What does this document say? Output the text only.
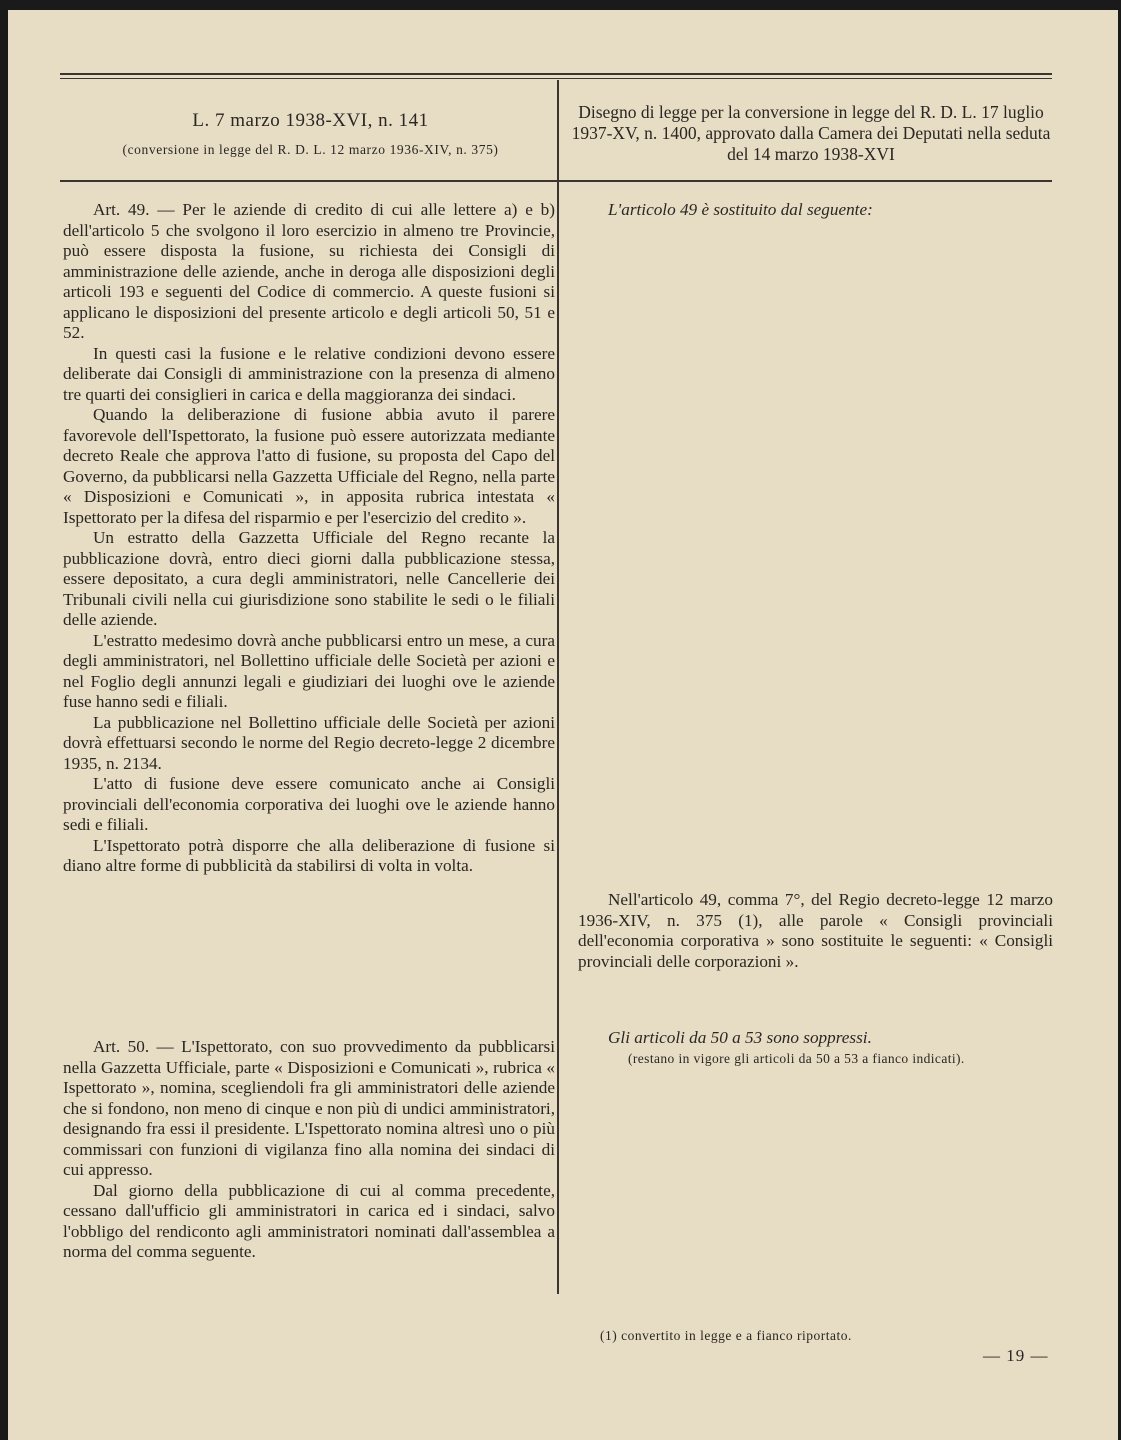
L. 7 marzo 1938-XVI, n. 141
(conversione in legge del R. D. L. 12 marzo 1936-XIV, n. 375)
Disegno di legge per la conversione in legge del R. D. L. 17 luglio 1937-XV, n. 1400, approvato dalla Camera dei Deputati nella seduta del 14 marzo 1938-XVI

Art. 49. — Per le aziende di credito di cui alle lettere a) e b) dell'articolo 5 che svolgono il loro esercizio in almeno tre Provincie, può essere disposta la fusione, su richiesta dei Consigli di amministrazione delle aziende, anche in deroga alle disposizioni degli articoli 193 e seguenti del Codice di commercio. A queste fusioni si applicano le disposizioni del presente articolo e degli articoli 50, 51 e 52.

In questi casi la fusione e le relative condizioni devono essere deliberate dai Consigli di amministrazione con la presenza di almeno tre quarti dei consiglieri in carica e della maggioranza dei sindaci.

Quando la deliberazione di fusione abbia avuto il parere favorevole dell'Ispettorato, la fusione può essere autorizzata mediante decreto Reale che approva l'atto di fusione, su proposta del Capo del Governo, da pubblicarsi nella Gazzetta Ufficiale del Regno, nella parte « Disposizioni e Comunicati », in apposita rubrica intestata « Ispettorato per la difesa del risparmio e per l'esercizio del credito ».

Un estratto della Gazzetta Ufficiale del Regno recante la pubblicazione dovrà, entro dieci giorni dalla pubblicazione stessa, essere depositato, a cura degli amministratori, nelle Cancellerie dei Tribunali civili nella cui giurisdizione sono stabilite le sedi o le filiali delle aziende.

L'estratto medesimo dovrà anche pubblicarsi entro un mese, a cura degli amministratori, nel Bollettino ufficiale delle Società per azioni e nel Foglio degli annunzi legali e giudiziari dei luoghi ove le aziende fuse hanno sedi e filiali.

La pubblicazione nel Bollettino ufficiale delle Società per azioni dovrà effettuarsi secondo le norme del Regio decreto-legge 2 dicembre 1935, n. 2134.

L'atto di fusione deve essere comunicato anche ai Consigli provinciali dell'economia corporativa dei luoghi ove le aziende hanno sedi e filiali.

L'Ispettorato potrà disporre che alla deliberazione di fusione si diano altre forme di pubblicità da stabilirsi di volta in volta.

Art. 50. — L'Ispettorato, con suo provvedimento da pubblicarsi nella Gazzetta Ufficiale, parte « Disposizioni e Comunicati », rubrica « Ispettorato », nomina, scegliendoli fra gli amministratori delle aziende che si fondono, non meno di cinque e non più di undici amministratori, designando fra essi il presidente. L'Ispettorato nomina altresì uno o più commissari con funzioni di vigilanza fino alla nomina dei sindaci di cui appresso.

Dal giorno della pubblicazione di cui al comma precedente, cessano dall'ufficio gli amministratori in carica ed i sindaci, salvo l'obbligo del rendiconto agli amministratori nominati dall'assemblea a norma del comma seguente.

L'articolo 49 è sostituito dal seguente:

Nell'articolo 49, comma 7°, del Regio decreto-legge 12 marzo 1936-XIV, n. 375 (1), alle parole « Consigli provinciali dell'economia corporativa » sono sostituite le seguenti: « Consigli provinciali delle corporazioni ».

Gli articoli da 50 a 53 sono soppressi.

(restano in vigore gli articoli da 50 a 53 a fianco indicati).

(1) convertito in legge e a fianco riportato.
— 19 —
